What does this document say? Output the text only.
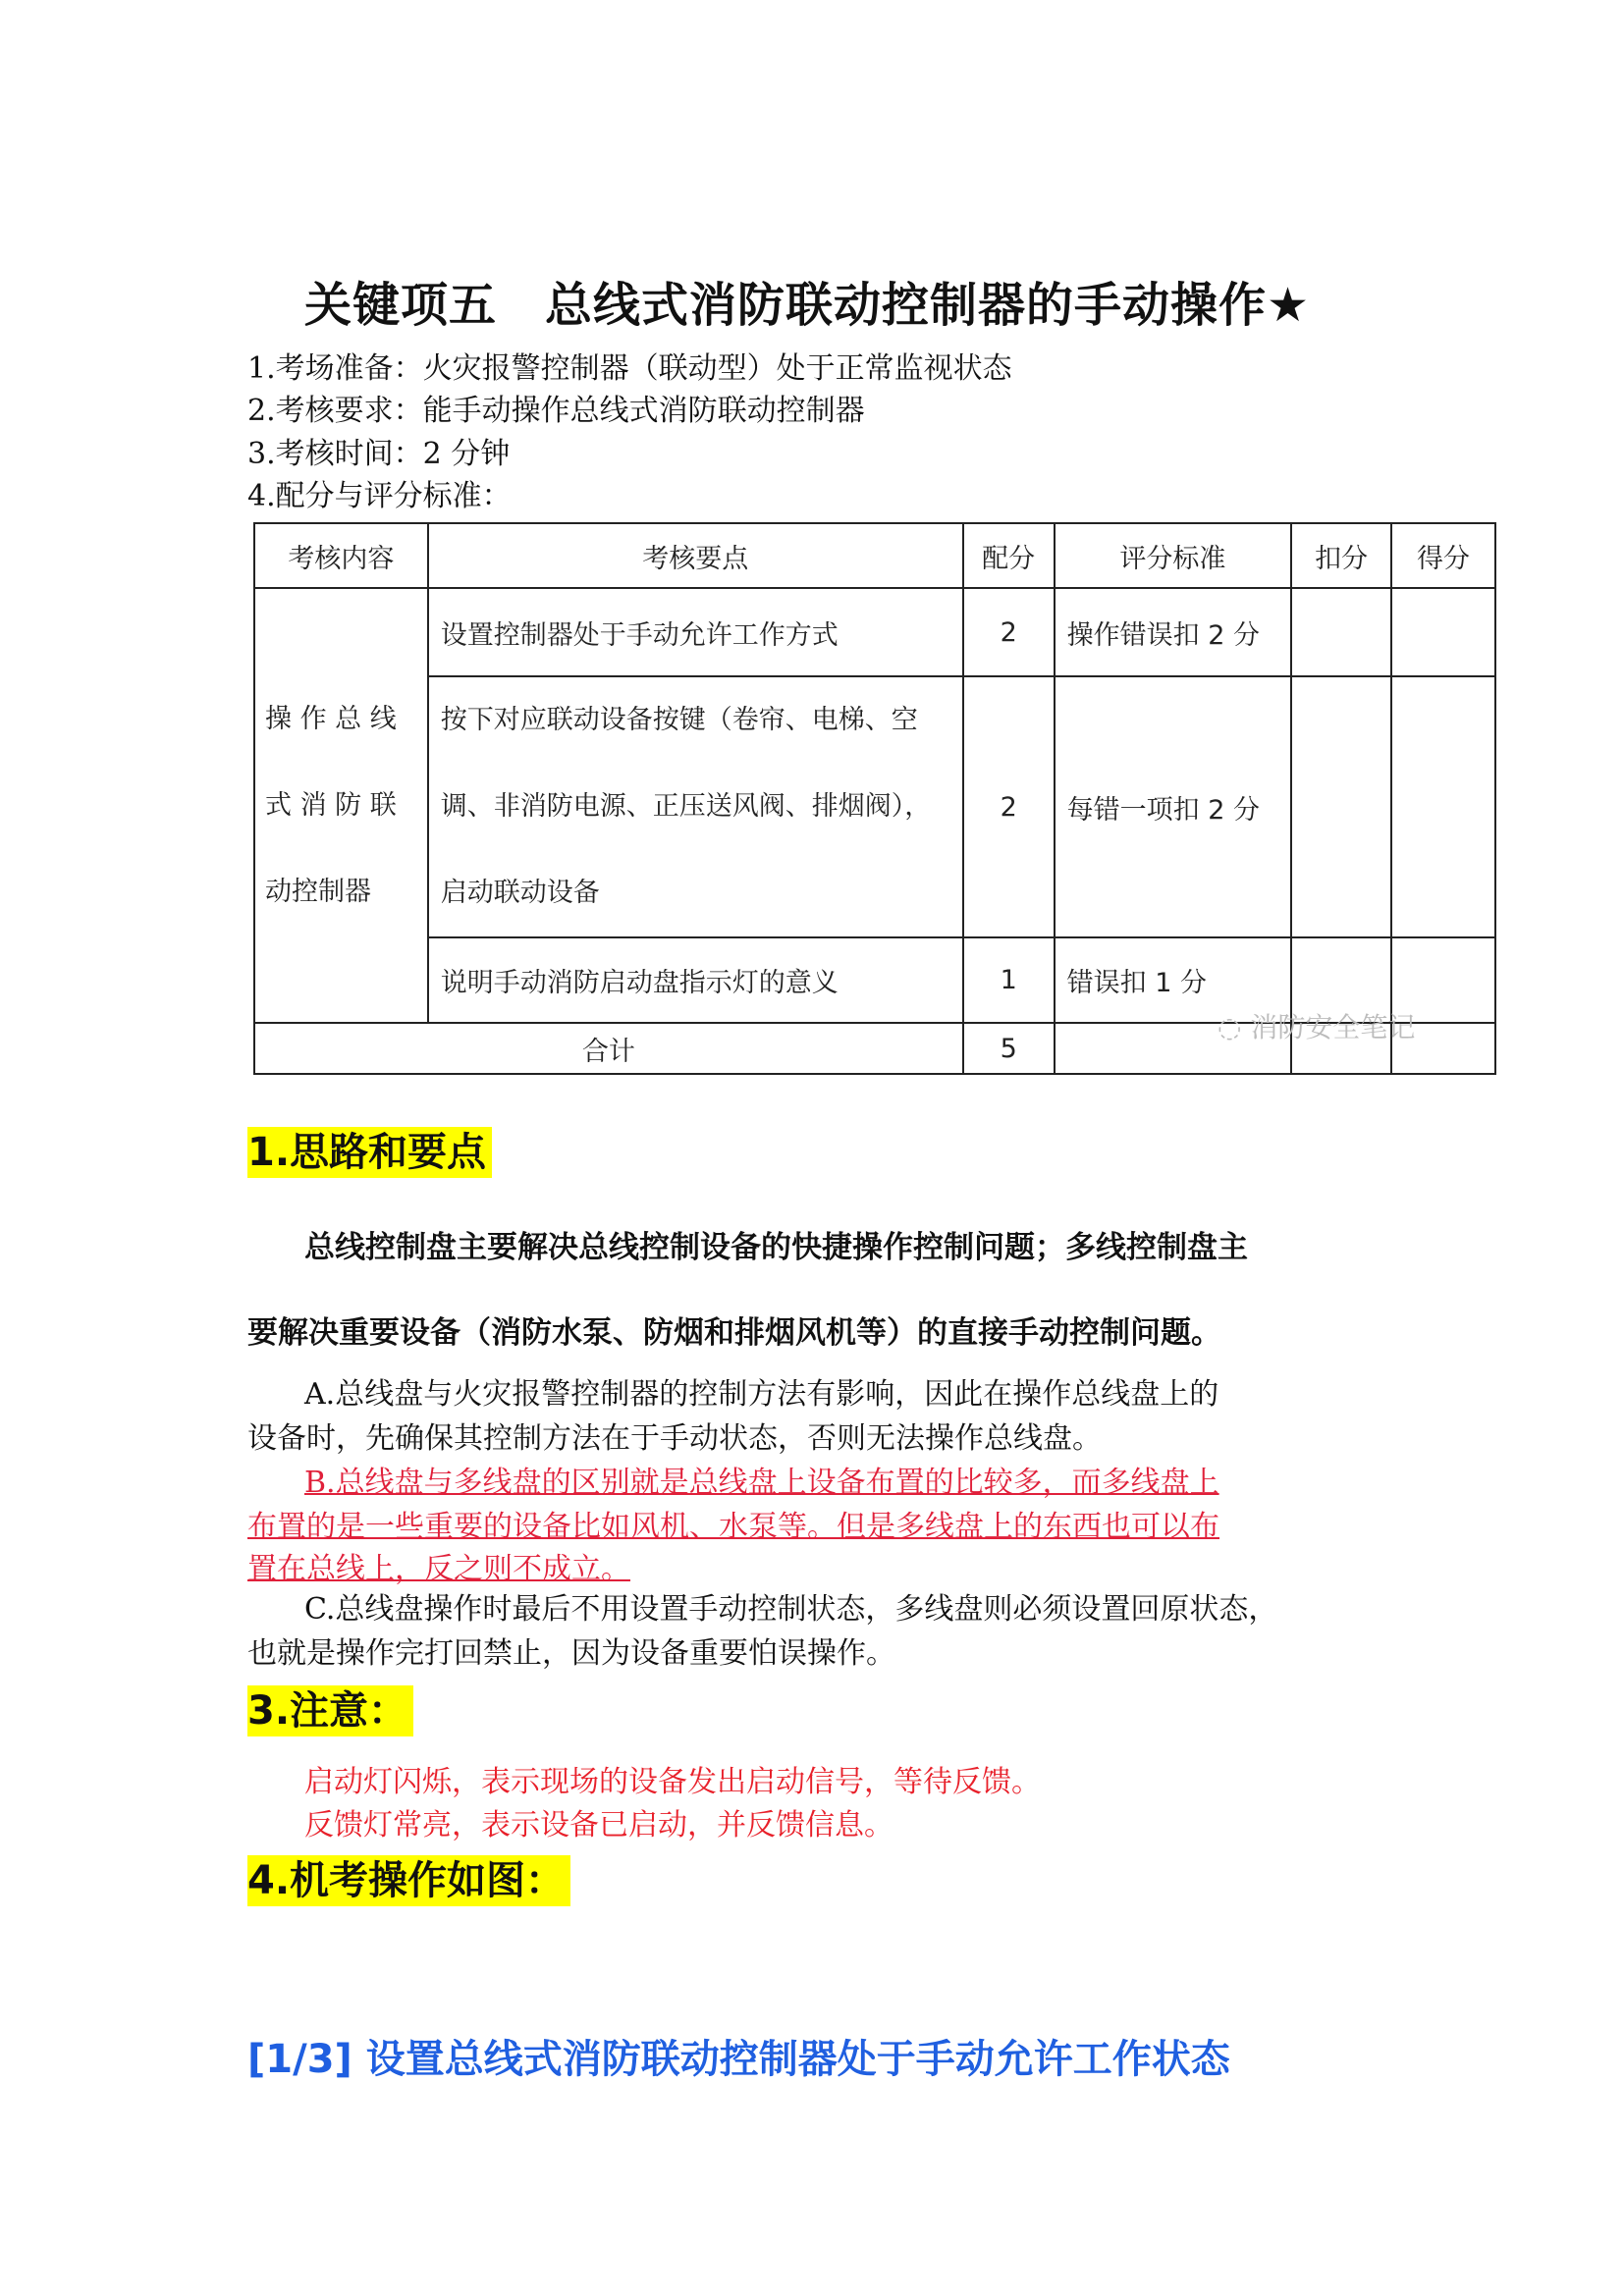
关键项五　总线式消防联动控制器的手动操作★
1.考场准备：火灾报警控制器（联动型）处于正常监视状态
2.考核要求：能手动操作总线式消防联动控制器
3.考核时间：2 分钟
4.配分与评分标准：
考核内容	考核要点	配分	评分标准	扣分	得分

操 作 总 线
式 消 防 联
动控制器	设置控制器处于手动允许工作方式	2	操作错误扣 2 分		

	按下对应联动设备按键（卷帘、电梯、空
调、非消防电源、正压送风阀、排烟阀），
启动联动设备	2	每错一项扣 2 分		
	说明手动消防启动盘指示灯的意义	1	错误扣 1 分		
合计		5			
◌ 消防安全笔记
1.思路和要点
总线控制盘主要解决总线控制设备的快捷操作控制问题；多线控制盘主
要解决重要设备（消防水泵、防烟和排烟风机等）的直接手动控制问题。
A.总线盘与火灾报警控制器的控制方法有影响，因此在操作总线盘上的
设备时，先确保其控制方法在于手动状态，否则无法操作总线盘。
B.总线盘与多线盘的区别就是总线盘上设备布置的比较多，而多线盘上
布置的是一些重要的设备比如风机、水泵等。但是多线盘上的东西也可以布
置在总线上，反之则不成立。
C.总线盘操作时最后不用设置手动控制状态，多线盘则必须设置回原状态，
也就是操作完打回禁止，因为设备重要怕误操作。
3.注意：
启动灯闪烁，表示现场的设备发出启动信号，等待反馈。
反馈灯常亮，表示设备已启动，并反馈信息。
4.机考操作如图：
[1/3] 设置总线式消防联动控制器处于手动允许工作状态
